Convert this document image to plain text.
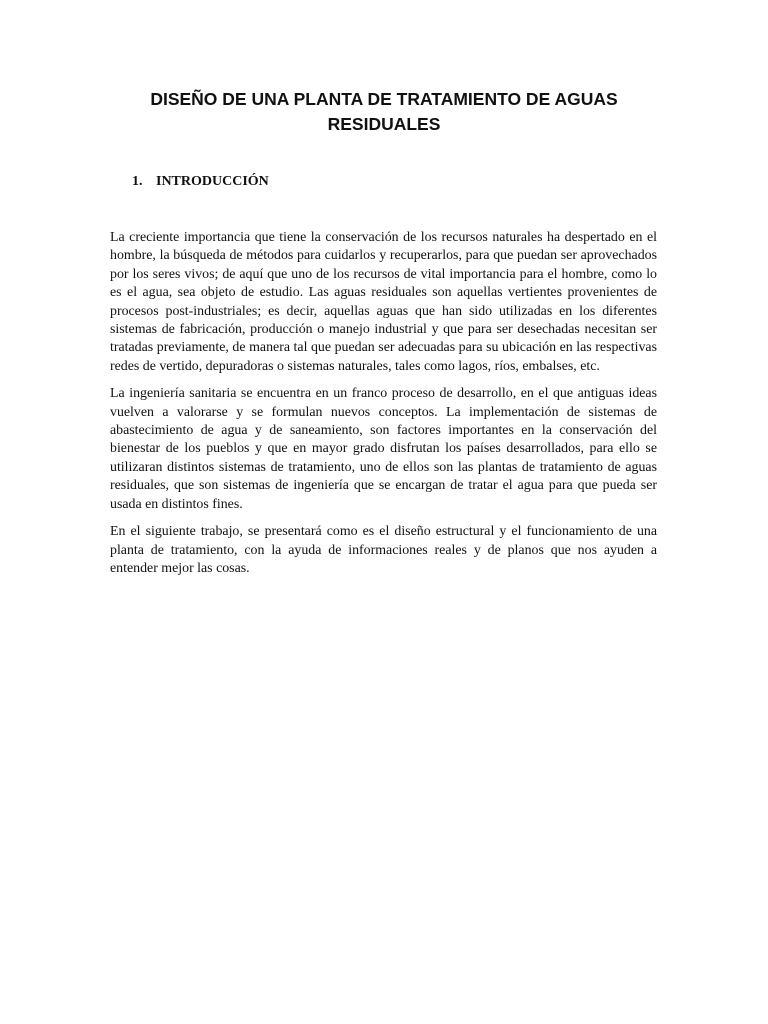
DISEÑO DE UNA PLANTA DE TRATAMIENTO DE AGUAS RESIDUALES
1. INTRODUCCIÓN

La creciente importancia que tiene la conservación de los recursos naturales ha despertado en el hombre, la búsqueda de métodos para cuidarlos y recuperarlos, para que puedan ser aprovechados por los seres vivos; de aquí que uno de los recursos de vital importancia para el hombre, como lo es el agua, sea objeto de estudio. Las aguas residuales son aquellas vertientes provenientes de procesos post-industriales; es decir, aquellas aguas que han sido utilizadas en los diferentes sistemas de fabricación, producción o manejo industrial y que para ser desechadas necesitan ser tratadas previamente, de manera tal que puedan ser adecuadas para su ubicación en las respectivas redes de vertido, depuradoras o sistemas naturales, tales como lagos, ríos, embalses, etc.

La ingeniería sanitaria se encuentra en un franco proceso de desarrollo, en el que antiguas ideas vuelven a valorarse y se formulan nuevos conceptos. La implementación de sistemas de abastecimiento de agua y de saneamiento, son factores importantes en la conservación del bienestar de los pueblos y que en mayor grado disfrutan los países desarrollados, para ello se utilizaran distintos sistemas de tratamiento, uno de ellos son las plantas de tratamiento de aguas residuales, que son sistemas de ingeniería que se encargan de tratar el agua para que pueda ser usada en distintos fines.

En el siguiente trabajo, se presentará como es el diseño estructural y el funcionamiento de una planta de tratamiento, con la ayuda de informaciones reales y de planos que nos ayuden a entender mejor las cosas.
